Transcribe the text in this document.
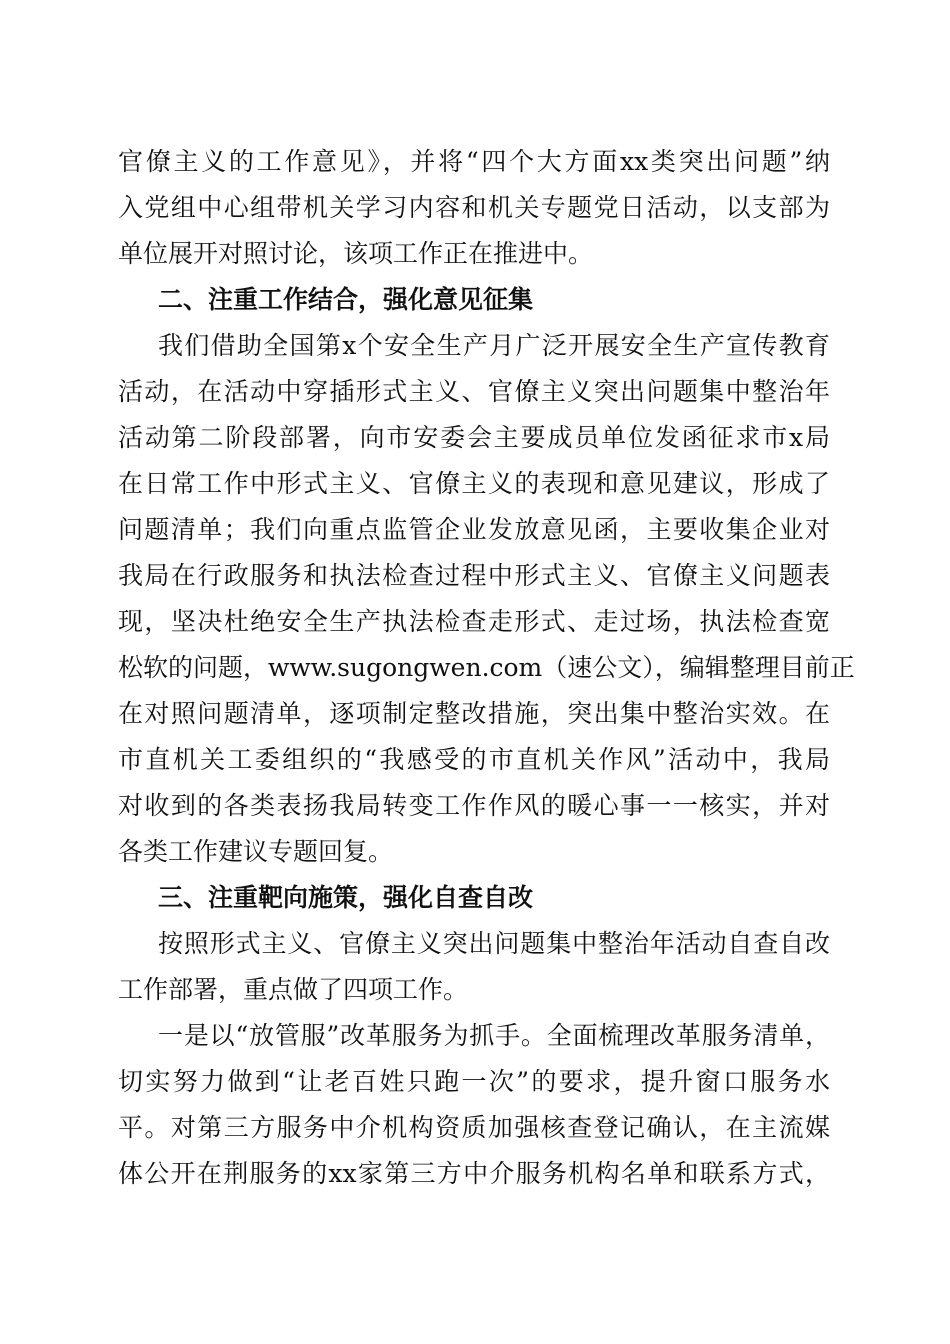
官僚主义的工作意见》，并将“四个大方面xx类突出问题”纳
入党组中心组带机关学习内容和机关专题党日活动，以支部为
单位展开对照讨论，该项工作正在推进中。
二、注重工作结合，强化意见征集
我们借助全国第x个安全生产月广泛开展安全生产宣传教育
活动，在活动中穿插形式主义、官僚主义突出问题集中整治年
活动第二阶段部署，向市安委会主要成员单位发函征求市x局
在日常工作中形式主义、官僚主义的表现和意见建议，形成了
问题清单；我们向重点监管企业发放意见函，主要收集企业对
我局在行政服务和执法检查过程中形式主义、官僚主义问题表
现，坚决杜绝安全生产执法检查走形式、走过场，执法检查宽
松软的问题，www.sugongwen.com（速公文），编辑整理目前正
在对照问题清单，逐项制定整改措施，突出集中整治实效。在
市直机关工委组织的“我感受的市直机关作风”活动中，我局
对收到的各类表扬我局转变工作作风的暖心事一一核实，并对
各类工作建议专题回复。
三、注重靶向施策，强化自查自改
按照形式主义、官僚主义突出问题集中整治年活动自查自改
工作部署，重点做了四项工作。
一是以“放管服”改革服务为抓手。全面梳理改革服务清单，
切实努力做到“让老百姓只跑一次”的要求，提升窗口服务水
平。对第三方服务中介机构资质加强核查登记确认，在主流媒
体公开在荆服务的xx家第三方中介服务机构名单和联系方式，
